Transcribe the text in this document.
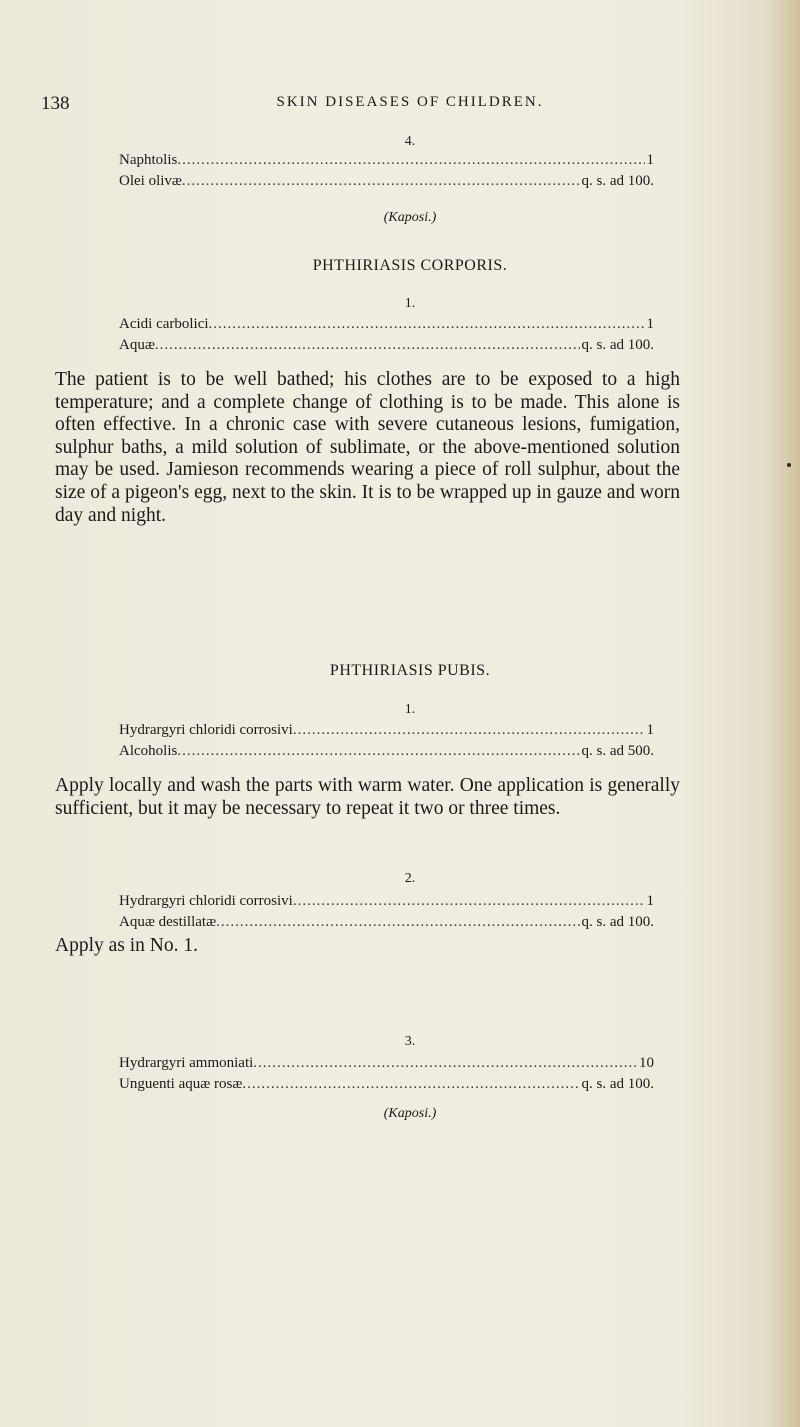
138	SKIN DISEASES OF CHILDREN.
4.
Naphtolis .....	1
Olei olivæ .....	q. s. ad 100.
(Kaposi.)
PHTHIRIASIS CORPORIS.
1.
Acidi carbolici .....	1
Aquæ .....	q. s. ad 100.
The patient is to be well bathed; his clothes are to be exposed to a high temperature; and a complete change of clothing is to be made. This alone is often effective. In a chronic case with severe cutaneous lesions, fumigation, sulphur baths, a mild solution of sublimate, or the above-mentioned solution may be used. Jamieson recommends wearing a piece of roll sulphur, about the size of a pigeon's egg, next to the skin. It is to be wrapped up in gauze and worn day and night.
PHTHIRIASIS PUBIS.
1.
Hydrargyri chloridi corrosivi .....	1
Alcoholis .....	q. s. ad 500.
Apply locally and wash the parts with warm water. One application is generally sufficient, but it may be necessary to repeat it two or three times.
2.
Hydrargyri chloridi corrosivi .....	1
Aquæ destillatæ .....	q. s. ad 100.
Apply as in No. 1.
3.
Hydrargyri ammoniati .....	10
Unguenti aquæ rosæ .....	q. s. ad 100.
(Kaposi.)
